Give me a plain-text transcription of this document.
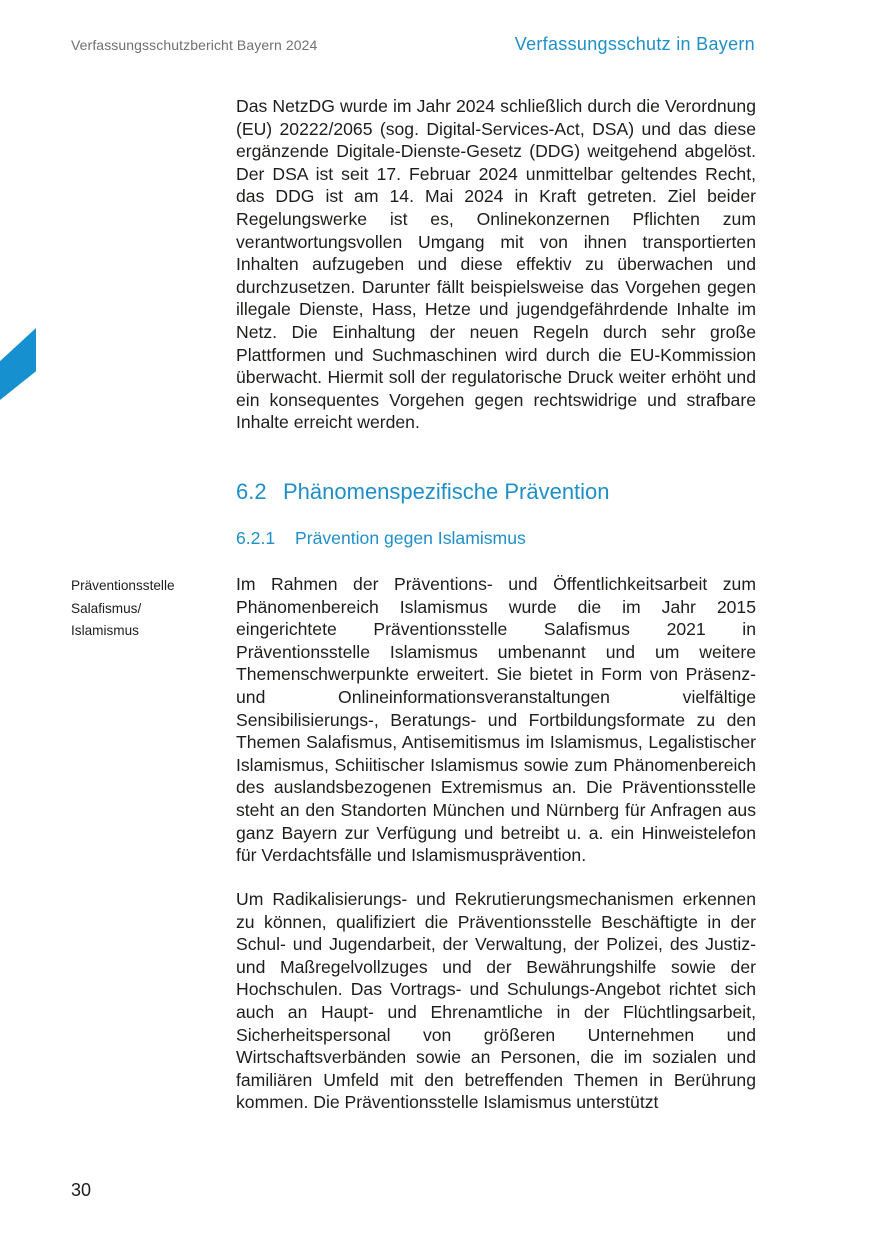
Verfassungsschutzbericht Bayern 2024	Verfassungsschutz in Bayern

Das NetzDG wurde im Jahr 2024 schließlich durch die Verordnung (EU) 20222/2065 (sog. Digital-Services-Act, DSA) und das diese ergänzende Digitale-Dienste-Gesetz (DDG) weitgehend abgelöst. Der DSA ist seit 17. Februar 2024 unmittelbar geltendes Recht, das DDG ist am 14. Mai 2024 in Kraft getreten. Ziel beider Regelungswerke ist es, Onlinekonzernen Pflichten zum verantwortungsvollen Umgang mit von ihnen transportierten Inhalten aufzugeben und diese effektiv zu überwachen und durchzusetzen. Darunter fällt beispielsweise das Vorgehen gegen illegale Dienste, Hass, Hetze und jugendgefährdende Inhalte im Netz. Die Einhaltung der neuen Regeln durch sehr große Plattformen und Suchmaschinen wird durch die EU-Kommission überwacht. Hiermit soll der regulatorische Druck weiter erhöht und ein konsequentes Vorgehen gegen rechtswidrige und strafbare Inhalte erreicht werden.

6.2 Phänomenspezifische Prävention
6.2.1 Prävention gegen Islamismus
Präventionsstelle
Salafismus/
Islamismus

Im Rahmen der Präventions- und Öffentlichkeitsarbeit zum Phänomenbereich Islamismus wurde die im Jahr 2015 eingerichtete Präventionsstelle Salafismus 2021 in Präventionsstelle Islamismus umbenannt und um weitere Themenschwerpunkte erweitert. Sie bietet in Form von Präsenz- und Onlineinformationsveranstaltungen vielfältige Sensibilisierungs-, Beratungs- und Fortbildungsformate zu den Themen Salafismus, Antisemitismus im Islamismus, Legalistischer Islamismus, Schiitischer Islamismus sowie zum Phänomenbereich des auslandsbezogenen Extremismus an. Die Präventionsstelle steht an den Standorten München und Nürnberg für Anfragen aus ganz Bayern zur Verfügung und betreibt u. a. ein Hinweistelefon für Verdachtsfälle und Islamismusprävention.

Um Radikalisierungs- und Rekrutierungsmechanismen erkennen zu können, qualifiziert die Präventionsstelle Beschäftigte in der Schul- und Jugendarbeit, der Verwaltung, der Polizei, des Justiz- und Maßregelvollzuges und der Bewährungshilfe sowie der Hochschulen. Das Vortrags- und Schulungs-Angebot richtet sich auch an Haupt- und Ehrenamtliche in der Flüchtlingsarbeit, Sicherheitspersonal von größeren Unternehmen und Wirtschaftsverbänden sowie an Personen, die im sozialen und familiären Umfeld mit den betreffenden Themen in Berührung kommen. Die Präventionsstelle Islamismus unterstützt

30
